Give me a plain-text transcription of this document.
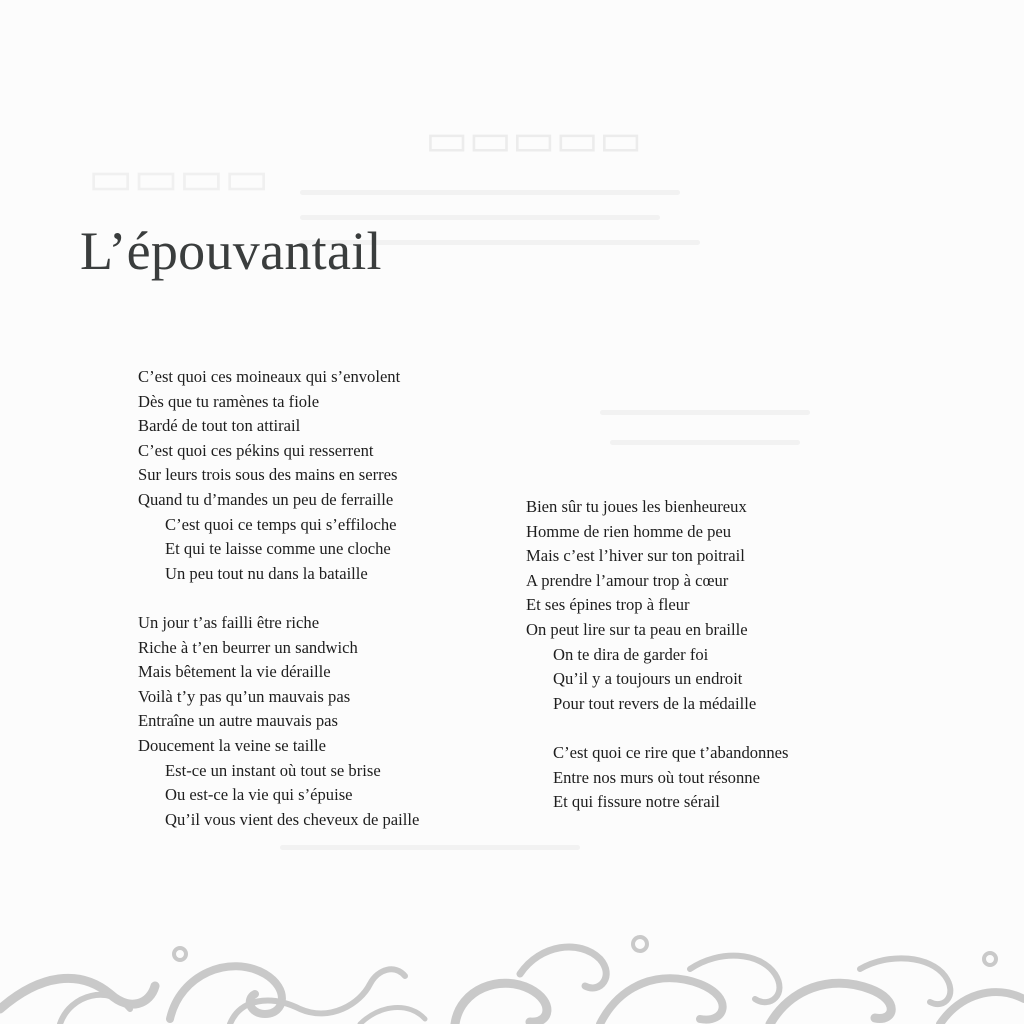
▭▭▭▭▭
▭▭▭▭
L’épouvantail
C’est quoi ces moineaux qui s’envolent
Dès que tu ramènes ta fiole
Bardé de tout ton attirail
C’est quoi ces pékins qui resserrent
Sur leurs trois sous des mains en serres
Quand tu d’mandes un peu de ferraille
C’est quoi ce temps qui s’effiloche
Et qui te laisse comme une cloche
Un peu tout nu dans la bataille
Un jour t’as failli être riche
Riche à t’en beurrer un sandwich
Mais bêtement la vie déraille
Voilà t’y pas qu’un mauvais pas
Entraîne un autre mauvais pas
Doucement la veine se taille
Est-ce un instant où tout se brise
Ou est-ce la vie qui s’épuise
Qu’il vous vient des cheveux de paille
Bien sûr tu joues les bienheureux
Homme de rien homme de peu
Mais c’est l’hiver sur ton poitrail
A prendre l’amour trop à cœur
Et ses épines trop à fleur
On peut lire sur ta peau en braille
On te dira de garder foi
Qu’il y a toujours un endroit
Pour tout revers de la médaille
C’est quoi ce rire que t’abandonnes
Entre nos murs où tout résonne
Et qui fissure notre sérail
